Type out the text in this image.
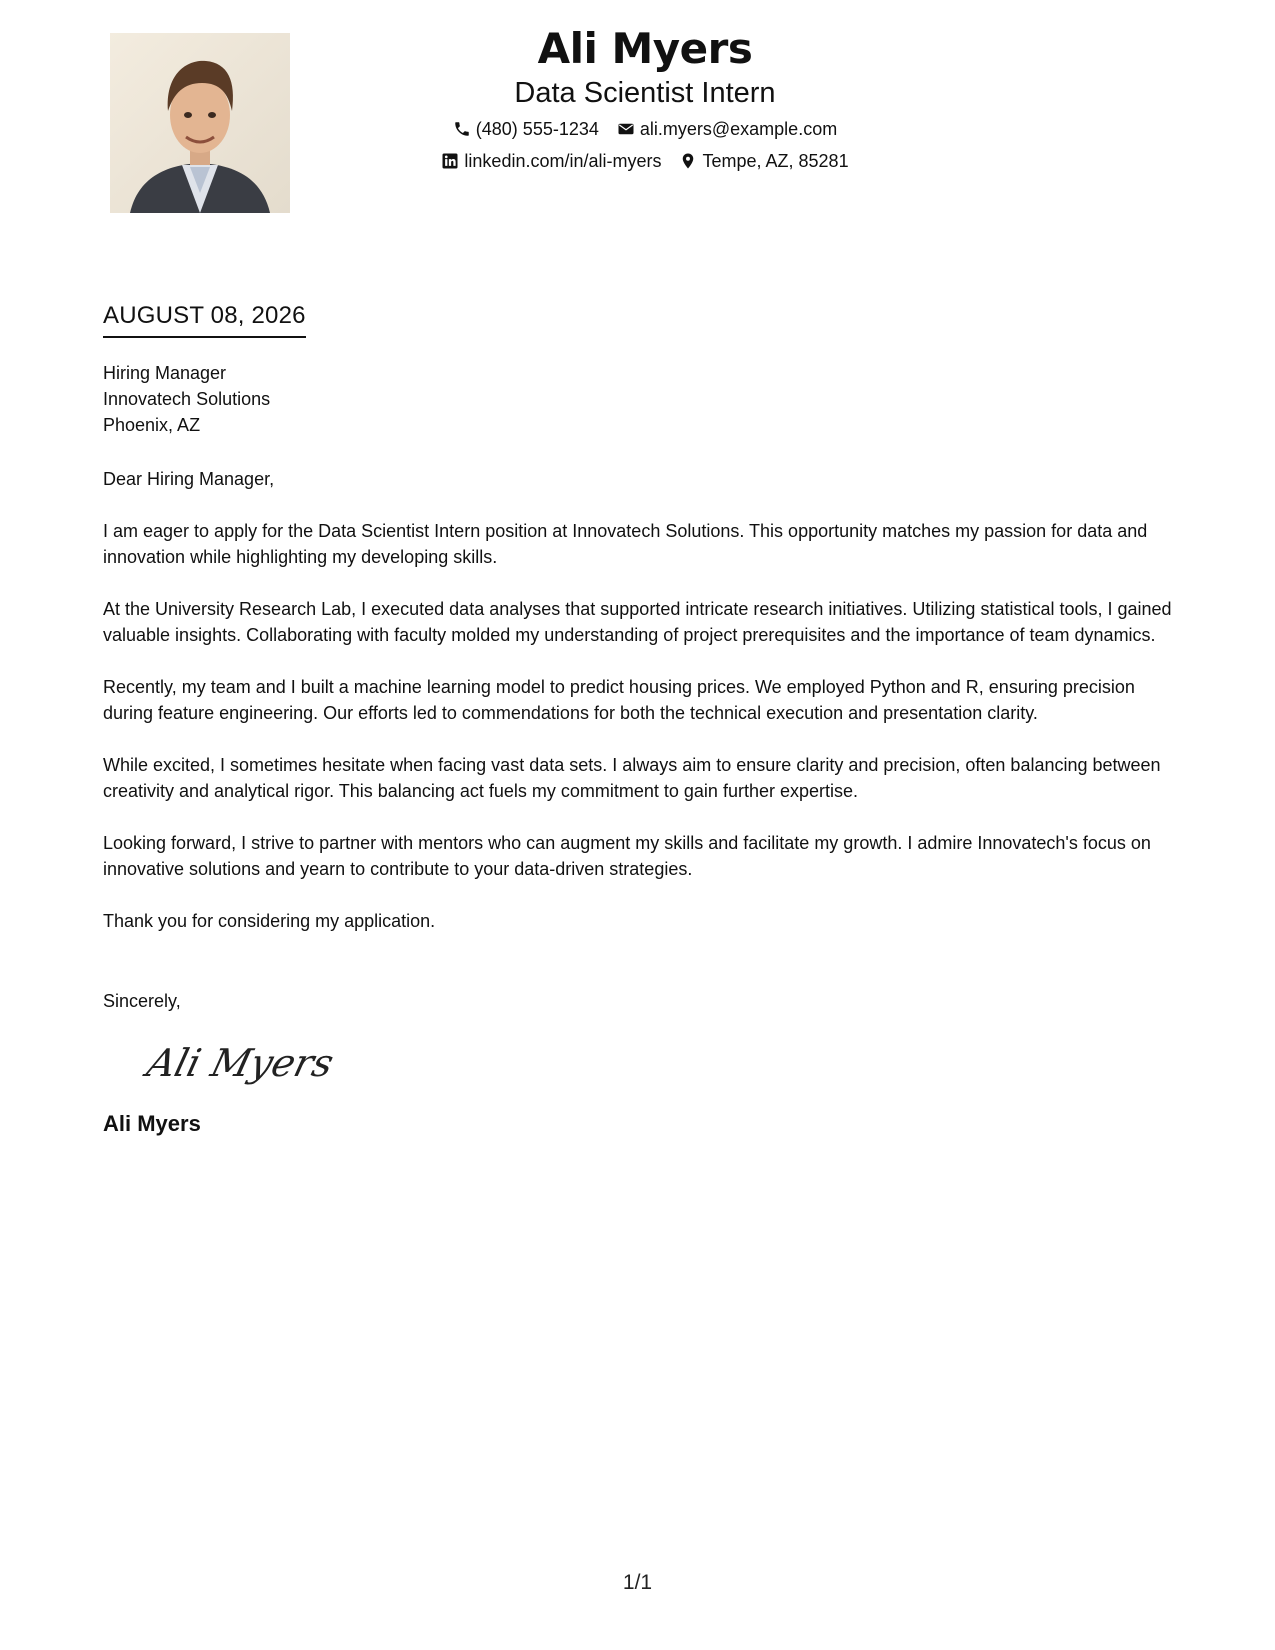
Ali Myers
Data Scientist Intern
(480) 555-1234 ali.myers@example.com
linkedin.com/in/ali-myers Tempe, AZ, 85281
AUGUST 08, 2026
Hiring Manager
Innovatech Solutions
Phoenix, AZ

Dear Hiring Manager,

I am eager to apply for the Data Scientist Intern position at Innovatech Solutions. This opportunity matches my passion for data and innovation while highlighting my developing skills.

At the University Research Lab, I executed data analyses that supported intricate research initiatives. Utilizing statistical tools, I gained valuable insights. Collaborating with faculty molded my understanding of project prerequisites and the importance of team dynamics.

Recently, my team and I built a machine learning model to predict housing prices. We employed Python and R, ensuring precision during feature engineering. Our efforts led to commendations for both the technical execution and presentation clarity.

While excited, I sometimes hesitate when facing vast data sets. I always aim to ensure clarity and precision, often balancing between creativity and analytical rigor. This balancing act fuels my commitment to gain further expertise.

Looking forward, I strive to partner with mentors who can augment my skills and facilitate my growth. I admire Innovatech's focus on innovative solutions and yearn to contribute to your data-driven strategies.

Thank you for considering my application.

Sincerely,

Ali Myers
Ali Myers
1/1
